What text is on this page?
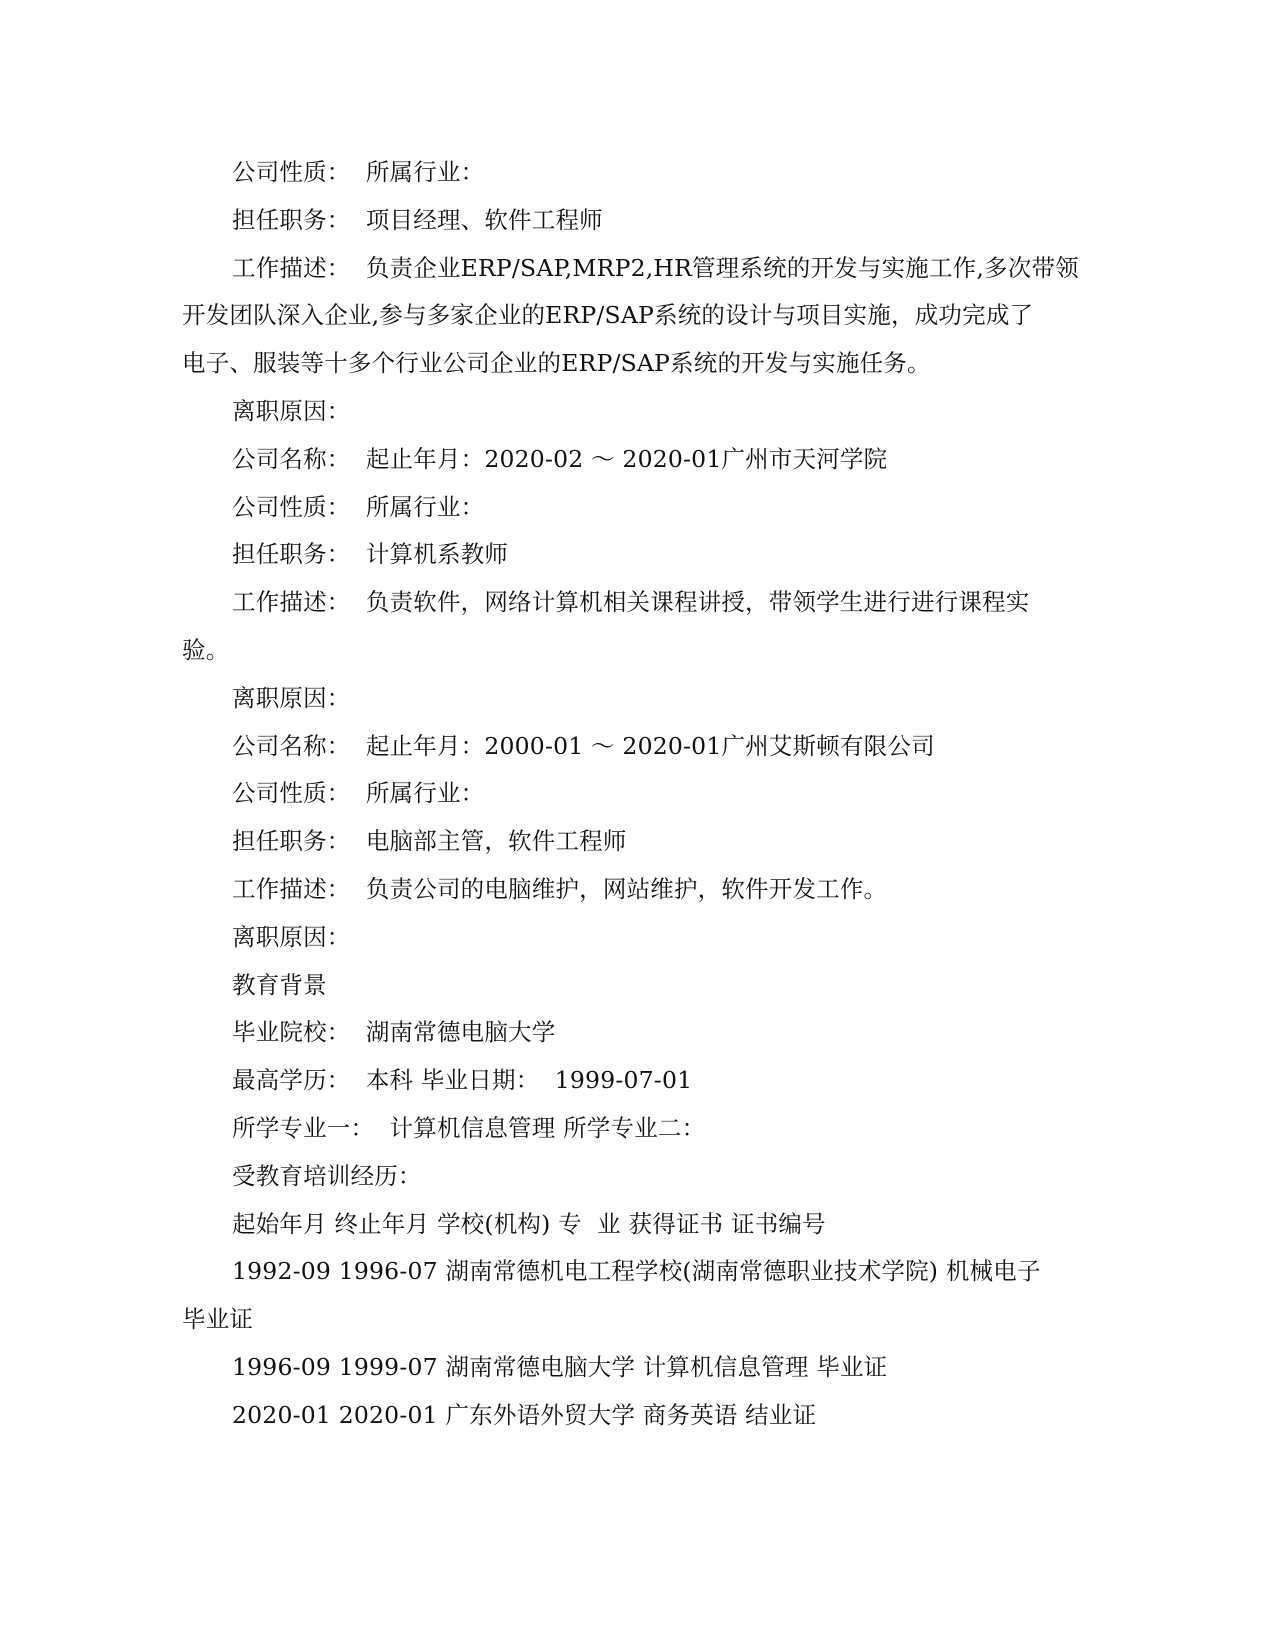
公司性质：  所属行业：
担任职务：  项目经理、软件工程师
工作描述：  负责企业ERP/SAP,MRP2,HR管理系统的开发与实施工作,多次带领
开发团队深入企业,参与多家企业的ERP/SAP系统的设计与项目实施，成功完成了
电子、服装等十多个行业公司企业的ERP/SAP系统的开发与实施任务。
离职原因：
公司名称：  起止年月：2020-02 ～ 2020-01广州市天河学院
公司性质：  所属行业：
担任职务：  计算机系教师
工作描述：  负责软件，网络计算机相关课程讲授，带领学生进行进行课程实
验。
离职原因：
公司名称：  起止年月：2000-01 ～ 2020-01广州艾斯顿有限公司
公司性质：  所属行业：
担任职务：  电脑部主管，软件工程师
工作描述：  负责公司的电脑维护，网站维护，软件开发工作。
离职原因：
教育背景
毕业院校：  湖南常德电脑大学
最高学历：  本科 毕业日期：  1999-07-01
所学专业一：  计算机信息管理 所学专业二：
受教育培训经历：
起始年月 终止年月 学校(机构) 专  业 获得证书 证书编号
1992-09 1996-07 湖南常德机电工程学校(湖南常德职业技术学院) 机械电子
毕业证
1996-09 1999-07 湖南常德电脑大学 计算机信息管理 毕业证
2020-01 2020-01 广东外语外贸大学 商务英语 结业证
